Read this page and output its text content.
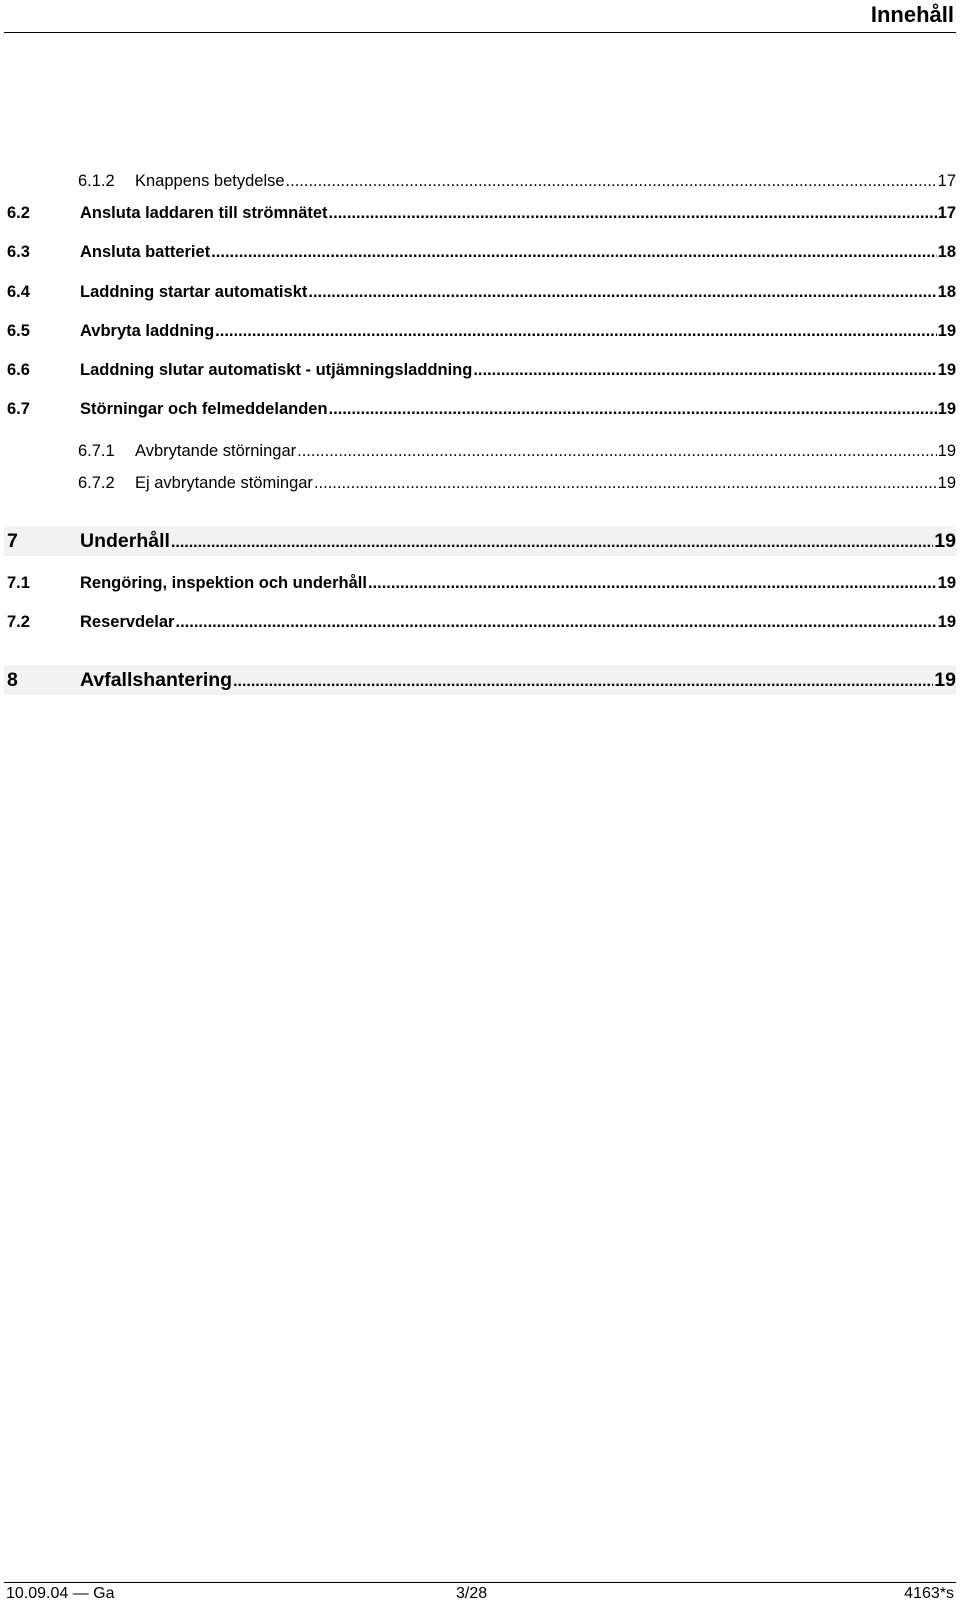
Innehåll
6.1.2	Knappens betydelse .....	17
6.2	Ansluta laddaren till strömnätet .....	17
6.3	Ansluta batteriet .....	18
6.4	Laddning startar automatiskt .....	18
6.5	Avbryta laddning .....	19
6.6	Laddning slutar automatiskt - utjämningsladdning .....	19
6.7	Störningar och felmeddelanden .....	19
6.7.1	Avbrytande störningar .....	19
6.7.2	Ej avbrytande stömingar .....	19
7	Underhåll .....	19
7.1	Rengöring, inspektion och underhåll .....	19
7.2	Reservdelar .....	19
8	Avfallshantering .....	19
10.09.04 — Ga	3/28	4163*s
